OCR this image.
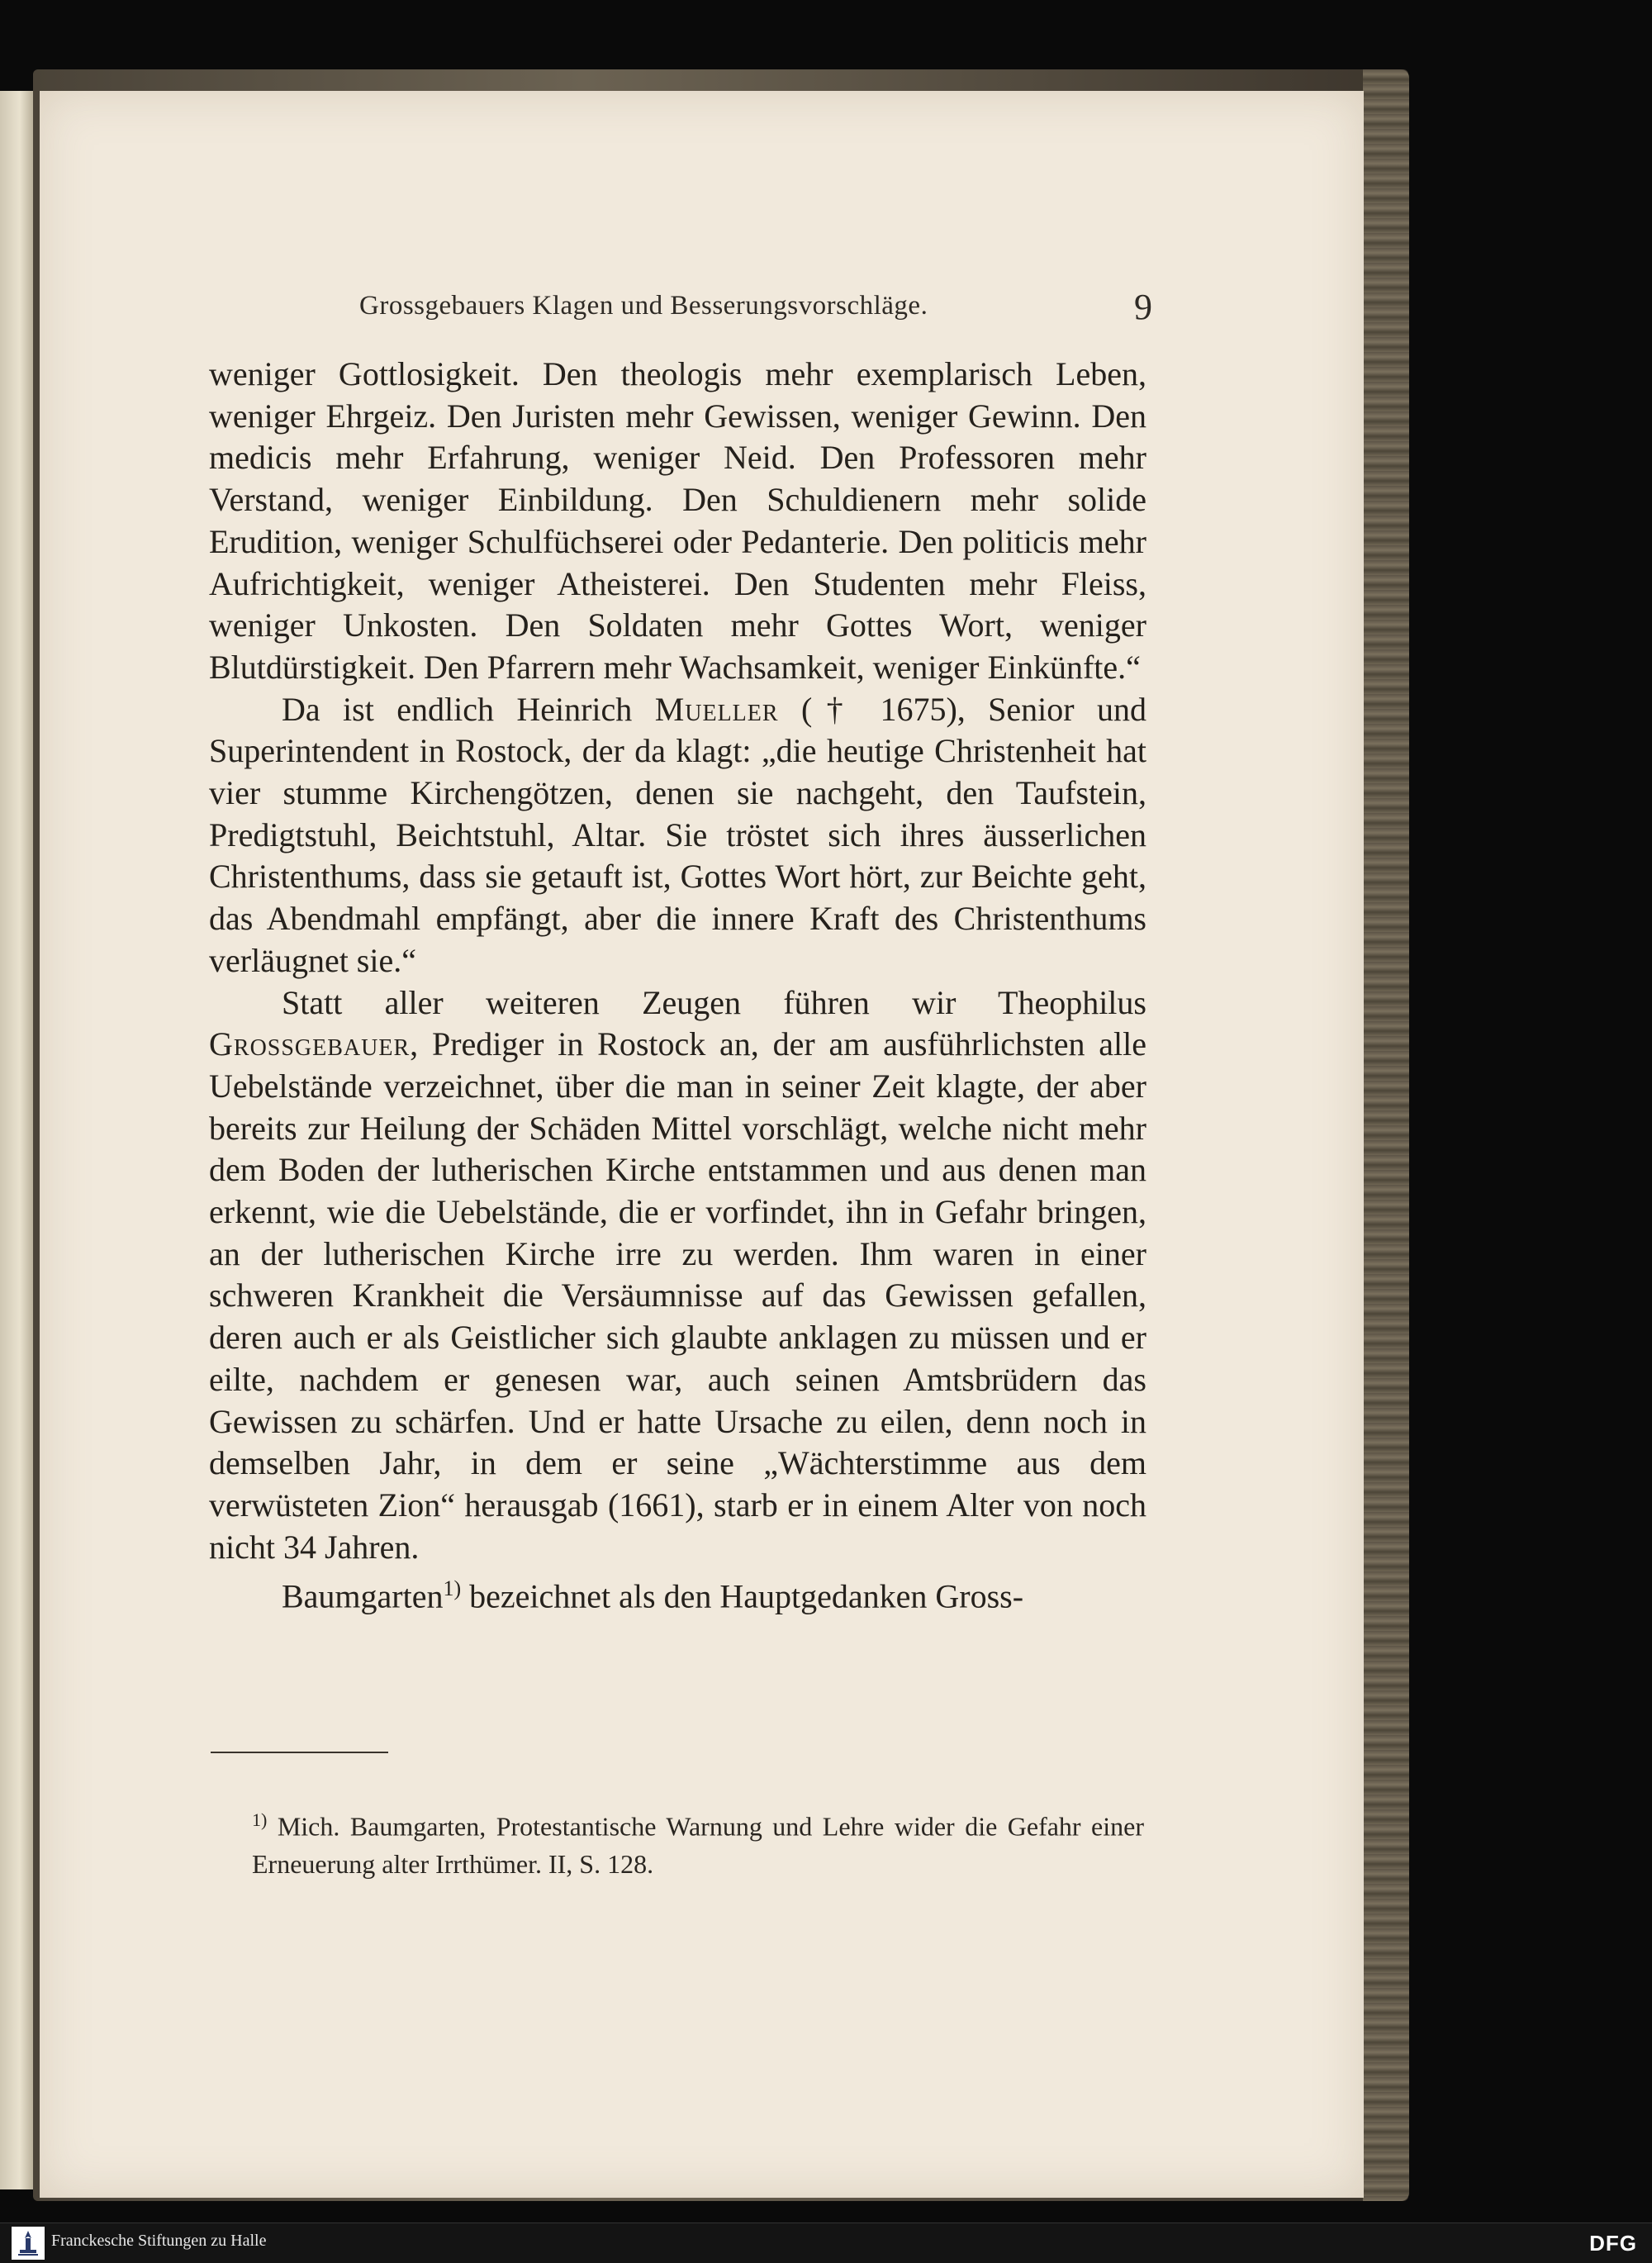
Grossgebauers Klagen und Besserungsvorschläge.	9

weniger Gottlosigkeit. Den theologis mehr exemplarisch Leben, weniger Ehrgeiz. Den Juristen mehr Gewissen, weniger Gewinn. Den medicis mehr Erfahrung, weniger Neid. Den Professoren mehr Verstand, weniger Einbildung. Den Schuldienern mehr solide Erudition, weniger Schulfüchserei oder Pedanterie. Den politicis mehr Aufrichtigkeit, weniger Atheisterei. Den Studenten mehr Fleiss, weniger Unkosten. Den Soldaten mehr Gottes Wort, weniger Blutdürstigkeit. Den Pfarrern mehr Wachsamkeit, weniger Einkünfte.“

Da ist endlich Heinrich Mueller († 1675), Senior und Superintendent in Rostock, der da klagt: „die heutige Christenheit hat vier stumme Kirchengötzen, denen sie nachgeht, den Taufstein, Predigtstuhl, Beichtstuhl, Altar. Sie tröstet sich ihres äusserlichen Christenthums, dass sie getauft ist, Gottes Wort hört, zur Beichte geht, das Abendmahl empfängt, aber die innere Kraft des Christenthums verläugnet sie.“

Statt aller weiteren Zeugen führen wir Theophilus Grossgebauer, Prediger in Rostock an, der am ausführlichsten alle Uebelstände verzeichnet, über die man in seiner Zeit klagte, der aber bereits zur Heilung der Schäden Mittel vorschlägt, welche nicht mehr dem Boden der lutherischen Kirche entstammen und aus denen man erkennt, wie die Uebelstände, die er vorfindet, ihn in Gefahr bringen, an der lutherischen Kirche irre zu werden. Ihm waren in einer schweren Krankheit die Versäumnisse auf das Gewissen gefallen, deren auch er als Geistlicher sich glaubte anklagen zu müssen und er eilte, nachdem er genesen war, auch seinen Amtsbrüdern das Gewissen zu schärfen. Und er hatte Ursache zu eilen, denn noch in demselben Jahr, in dem er seine „Wächterstimme aus dem verwüsteten Zion“ herausgab (1661), starb er in einem Alter von noch nicht 34 Jahren.

Baumgarten$^{1)}$ bezeichnet als den Hauptgedanken Gross-

$^{1)}$ Mich. Baumgarten, Protestantische Warnung und Lehre wider die Gefahr einer Erneuerung alter Irrthümer. II, S. 128.

Franckesche Stiftungen zu Halle	DFG
